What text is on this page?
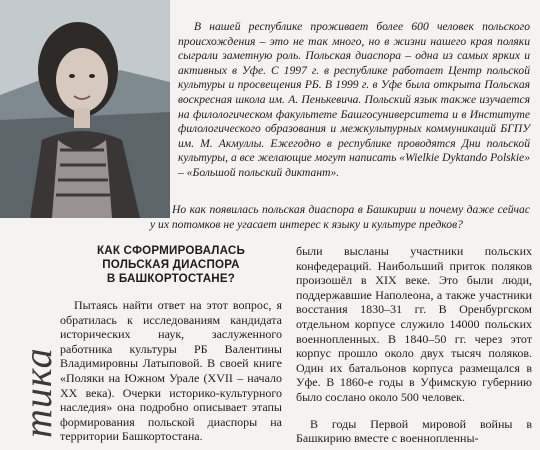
В нашей республике проживает более 600 человек польского происхождения – это не так много, но в жизни нашего края поляки сыграли заметную роль. Польская диаспора – одна из самых ярких и активных в Уфе. С 1997 г. в республике работает Центр польской культуры и просвещения РБ. В 1999 г. в Уфе была открыта Польская воскресная школа им. А. Пенькевича. Польский язык также изучается на филологическом факультете Башгосуниверситета и в Институте филологического образования и межкультурных коммуникаций БГПУ им. М. Акмуллы. Ежегодно в республике проводятся Дни польской культуры, а все желающие могут написать «Wielkie Dyktando Polskie» – «Большой польский диктант».

Но как появилась польская диаспора в Башкирии и почему даже сейчас у их потомков не угасает интерес к языку и культуре предков?

тика
КАК СФОРМИРОВАЛАСЬ
ПОЛЬСКАЯ ДИАСПОРА
В БАШКОРТОСТАНЕ?

Пытаясь найти ответ на этот вопрос, я обратилась к исследованиям кандидата исторических наук, заслуженного работника культуры РБ Валентины Владимировны Латыповой. В своей книге «Поляки на Южном Урале (XVII – начало XX века). Очерки историко-культурного наследия» она подробно описывает этапы формирования польской диаспоры на территории Башкортостана.

были высланы участники польских конфедераций. Наибольший приток поляков произошёл в XIX веке. Это были люди, поддержавшие Наполеона, а также участники восстания 1830–31 гг. В Оренбургском отдельном корпусе служило 14000 польских военнопленных. В 1840–50 гг. через этот корпус прошло около двух тысяч поляков. Один их батальонов корпуса размещался в Уфе. В 1860-е годы в Уфимскую губернию было сослано около 500 человек.

В годы Первой мировой войны в Башкирию вместе с военнопленны-
